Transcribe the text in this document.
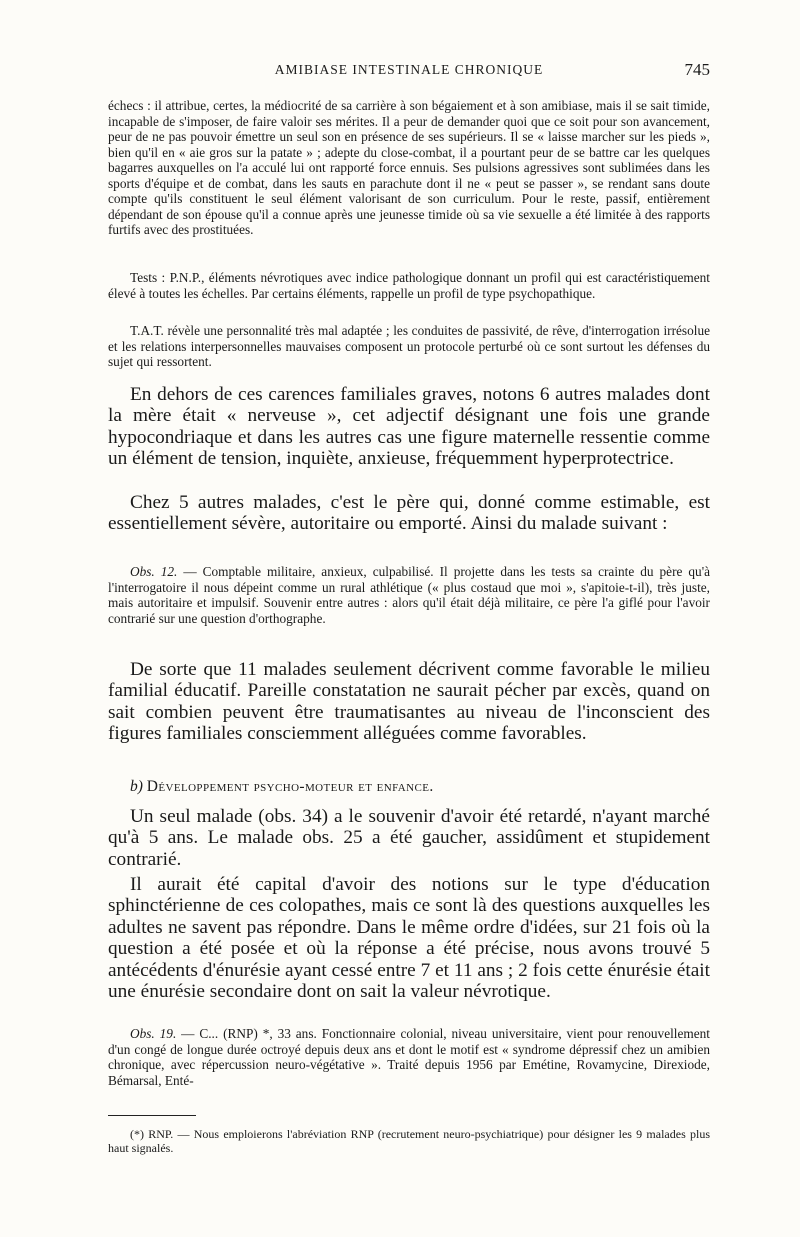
AMIBIASE INTESTINALE CHRONIQUE	745

échecs : il attribue, certes, la médiocrité de sa carrière à son bégaiement et à son amibiase, mais il se sait timide, incapable de s'imposer, de faire valoir ses mérites. Il a peur de demander quoi que ce soit pour son avancement, peur de ne pas pouvoir émettre un seul son en présence de ses supérieurs. Il se « laisse marcher sur les pieds », bien qu'il en « aie gros sur la patate » ; adepte du close-combat, il a pourtant peur de se battre car les quelques bagarres auxquelles on l'a acculé lui ont rapporté force ennuis. Ses pulsions agressives sont sublimées dans les sports d'équipe et de combat, dans les sauts en parachute dont il ne « peut se passer », se rendant sans doute compte qu'ils constituent le seul élément valorisant de son curriculum. Pour le reste, passif, entièrement dépendant de son épouse qu'il a connue après une jeunesse timide où sa vie sexuelle a été limitée à des rapports furtifs avec des prostituées.

Tests : P.N.P., éléments névrotiques avec indice pathologique donnant un profil qui est caractéristiquement élevé à toutes les échelles. Par certains éléments, rappelle un profil de type psychopathique.

T.A.T. révèle une personnalité très mal adaptée ; les conduites de passivité, de rêve, d'interrogation irrésolue et les relations interpersonnelles mauvaises composent un protocole perturbé où ce sont surtout les défenses du sujet qui ressortent.

En dehors de ces carences familiales graves, notons 6 autres malades dont la mère était « nerveuse », cet adjectif désignant une fois une grande hypocondriaque et dans les autres cas une figure maternelle ressentie comme un élément de tension, inquiète, anxieuse, fréquemment hyperprotectrice.

Chez 5 autres malades, c'est le père qui, donné comme estimable, est essentiellement sévère, autoritaire ou emporté. Ainsi du malade suivant :

Obs. 12. — Comptable militaire, anxieux, culpabilisé. Il projette dans les tests sa crainte du père qu'à l'interrogatoire il nous dépeint comme un rural athlétique (« plus costaud que moi », s'apitoie-t-il), très juste, mais autoritaire et impulsif. Souvenir entre autres : alors qu'il était déjà militaire, ce père l'a giflé pour l'avoir contrarié sur une question d'orthographe.

De sorte que 11 malades seulement décrivent comme favorable le milieu familial éducatif. Pareille constatation ne saurait pécher par excès, quand on sait combien peuvent être traumatisantes au niveau de l'inconscient des figures familiales consciemment alléguées comme favorables.

b) Développement psycho-moteur et enfance.

Un seul malade (obs. 34) a le souvenir d'avoir été retardé, n'ayant marché qu'à 5 ans. Le malade obs. 25 a été gaucher, assidûment et stupidement contrarié.

Il aurait été capital d'avoir des notions sur le type d'éducation sphinctérienne de ces colopathes, mais ce sont là des questions auxquelles les adultes ne savent pas répondre. Dans le même ordre d'idées, sur 21 fois où la question a été posée et où la réponse a été précise, nous avons trouvé 5 antécédents d'énurésie ayant cessé entre 7 et 11 ans ; 2 fois cette énurésie était une énurésie secondaire dont on sait la valeur névrotique.

Obs. 19. — C... (RNP) *, 33 ans. Fonctionnaire colonial, niveau universitaire, vient pour renouvellement d'un congé de longue durée octroyé depuis deux ans et dont le motif est « syndrome dépressif chez un amibien chronique, avec répercussion neuro-végétative ». Traité depuis 1956 par Emétine, Rovamycine, Direxiode, Bémarsal, Enté-

(*) RNP. — Nous emploierons l'abréviation RNP (recrutement neuro-psychiatrique) pour désigner les 9 malades plus haut signalés.
